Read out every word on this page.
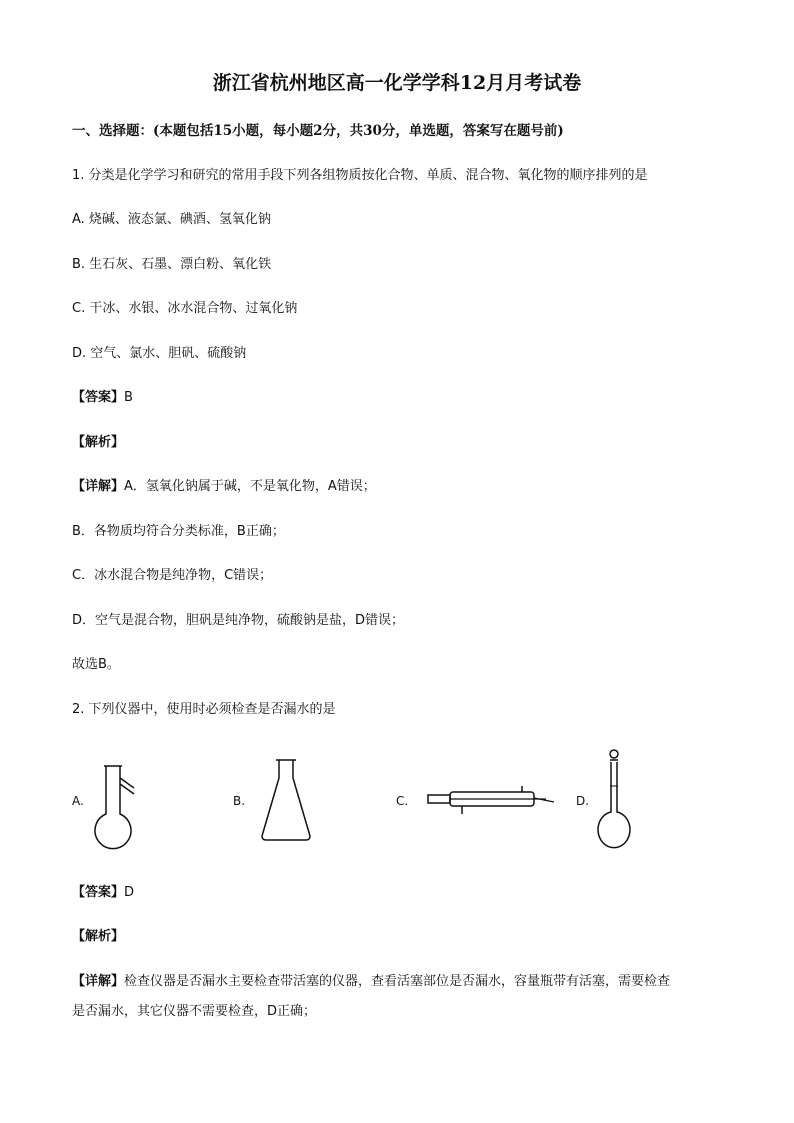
浙江省杭州地区高一化学学科12月月考试卷
一、选择题：(本题包括15小题，每小题2分，共30分，单选题，答案写在题号前)
1. 分类是化学学习和研究的常用手段下列各组物质按化合物、单质、混合物、氧化物的顺序排列的是
A. 烧碱、液态氯、碘酒、氢氧化钠
B. 生石灰、石墨、漂白粉、氧化铁
C. 干冰、水银、冰水混合物、过氧化钠
D. 空气、氯水、胆矾、硫酸钠
【答案】B
【解析】
【详解】A．氢氧化钠属于碱，不是氧化物，A错误；
B．各物质均符合分类标准，B正确；
C．冰水混合物是纯净物，C错误；
D．空气是混合物，胆矾是纯净物，硫酸钠是盐，D错误；
故选B。
2. 下列仪器中，使用时必须检查是否漏水的是
A.	B.	C.	D.
【答案】D
【解析】
【详解】检查仪器是否漏水主要检查带活塞的仪器，查看活塞部位是否漏水，容量瓶带有活塞，需要检查
是否漏水，其它仪器不需要检查，D正确；
